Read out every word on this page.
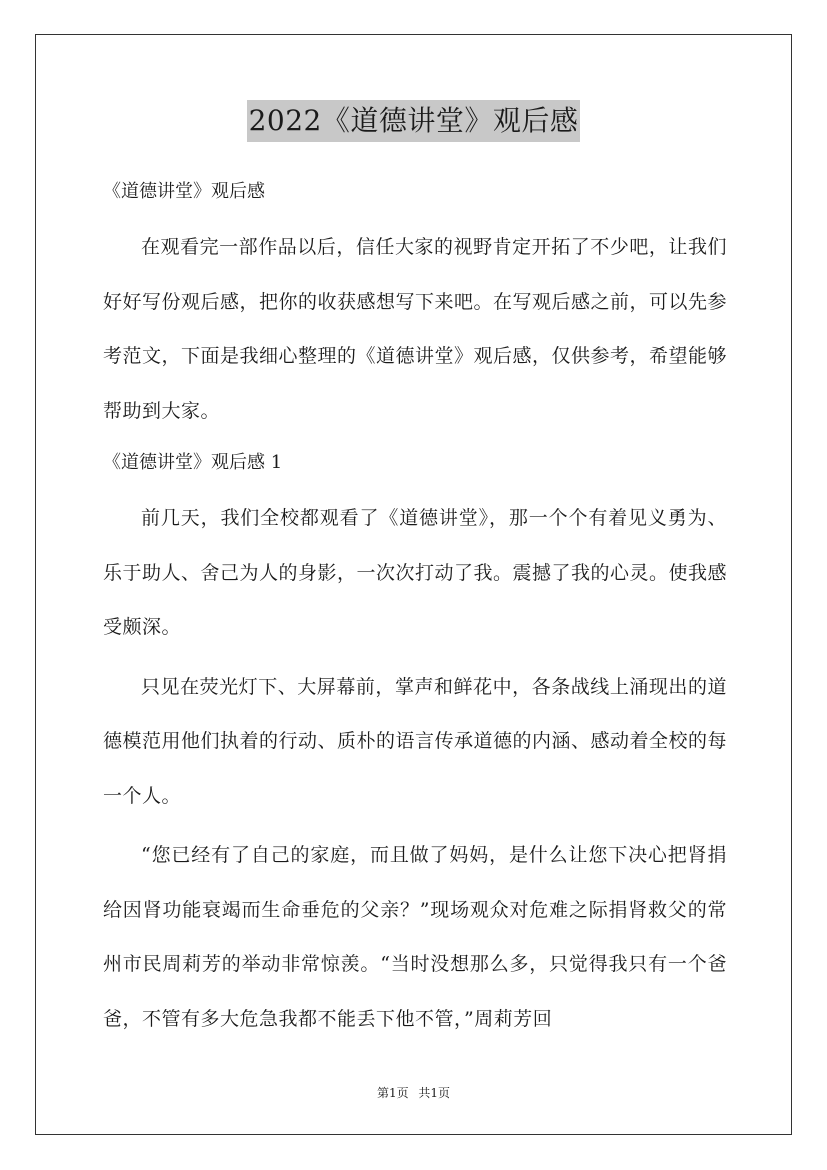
2022《道德讲堂》观后感
《道德讲堂》观后感

在观看完一部作品以后，信任大家的视野肯定开拓了不少吧，让我们好好写份观后感，把你的收获感想写下来吧。在写观后感之前，可以先参考范文，下面是我细心整理的《道德讲堂》观后感，仅供参考，希望能够帮助到大家。

《道德讲堂》观后感 1

前几天，我们全校都观看了《道德讲堂》，那一个个有着见义勇为、乐于助人、舍己为人的身影，一次次打动了我。震撼了我的心灵。使我感受颇深。

只见在荧光灯下、大屏幕前，掌声和鲜花中，各条战线上涌现出的道德模范用他们执着的行动、质朴的语言传承道德的内涵、感动着全校的每一个人。

“您已经有了自己的家庭，而且做了妈妈，是什么让您下决心把肾捐给因肾功能衰竭而生命垂危的父亲？”现场观众对危难之际捐肾救父的常州市民周莉芳的举动非常惊羡。“当时没想那么多，只觉得我只有一个爸爸，不管有多大危急我都不能丢下他不管，”周莉芳回

第1页 共1页
